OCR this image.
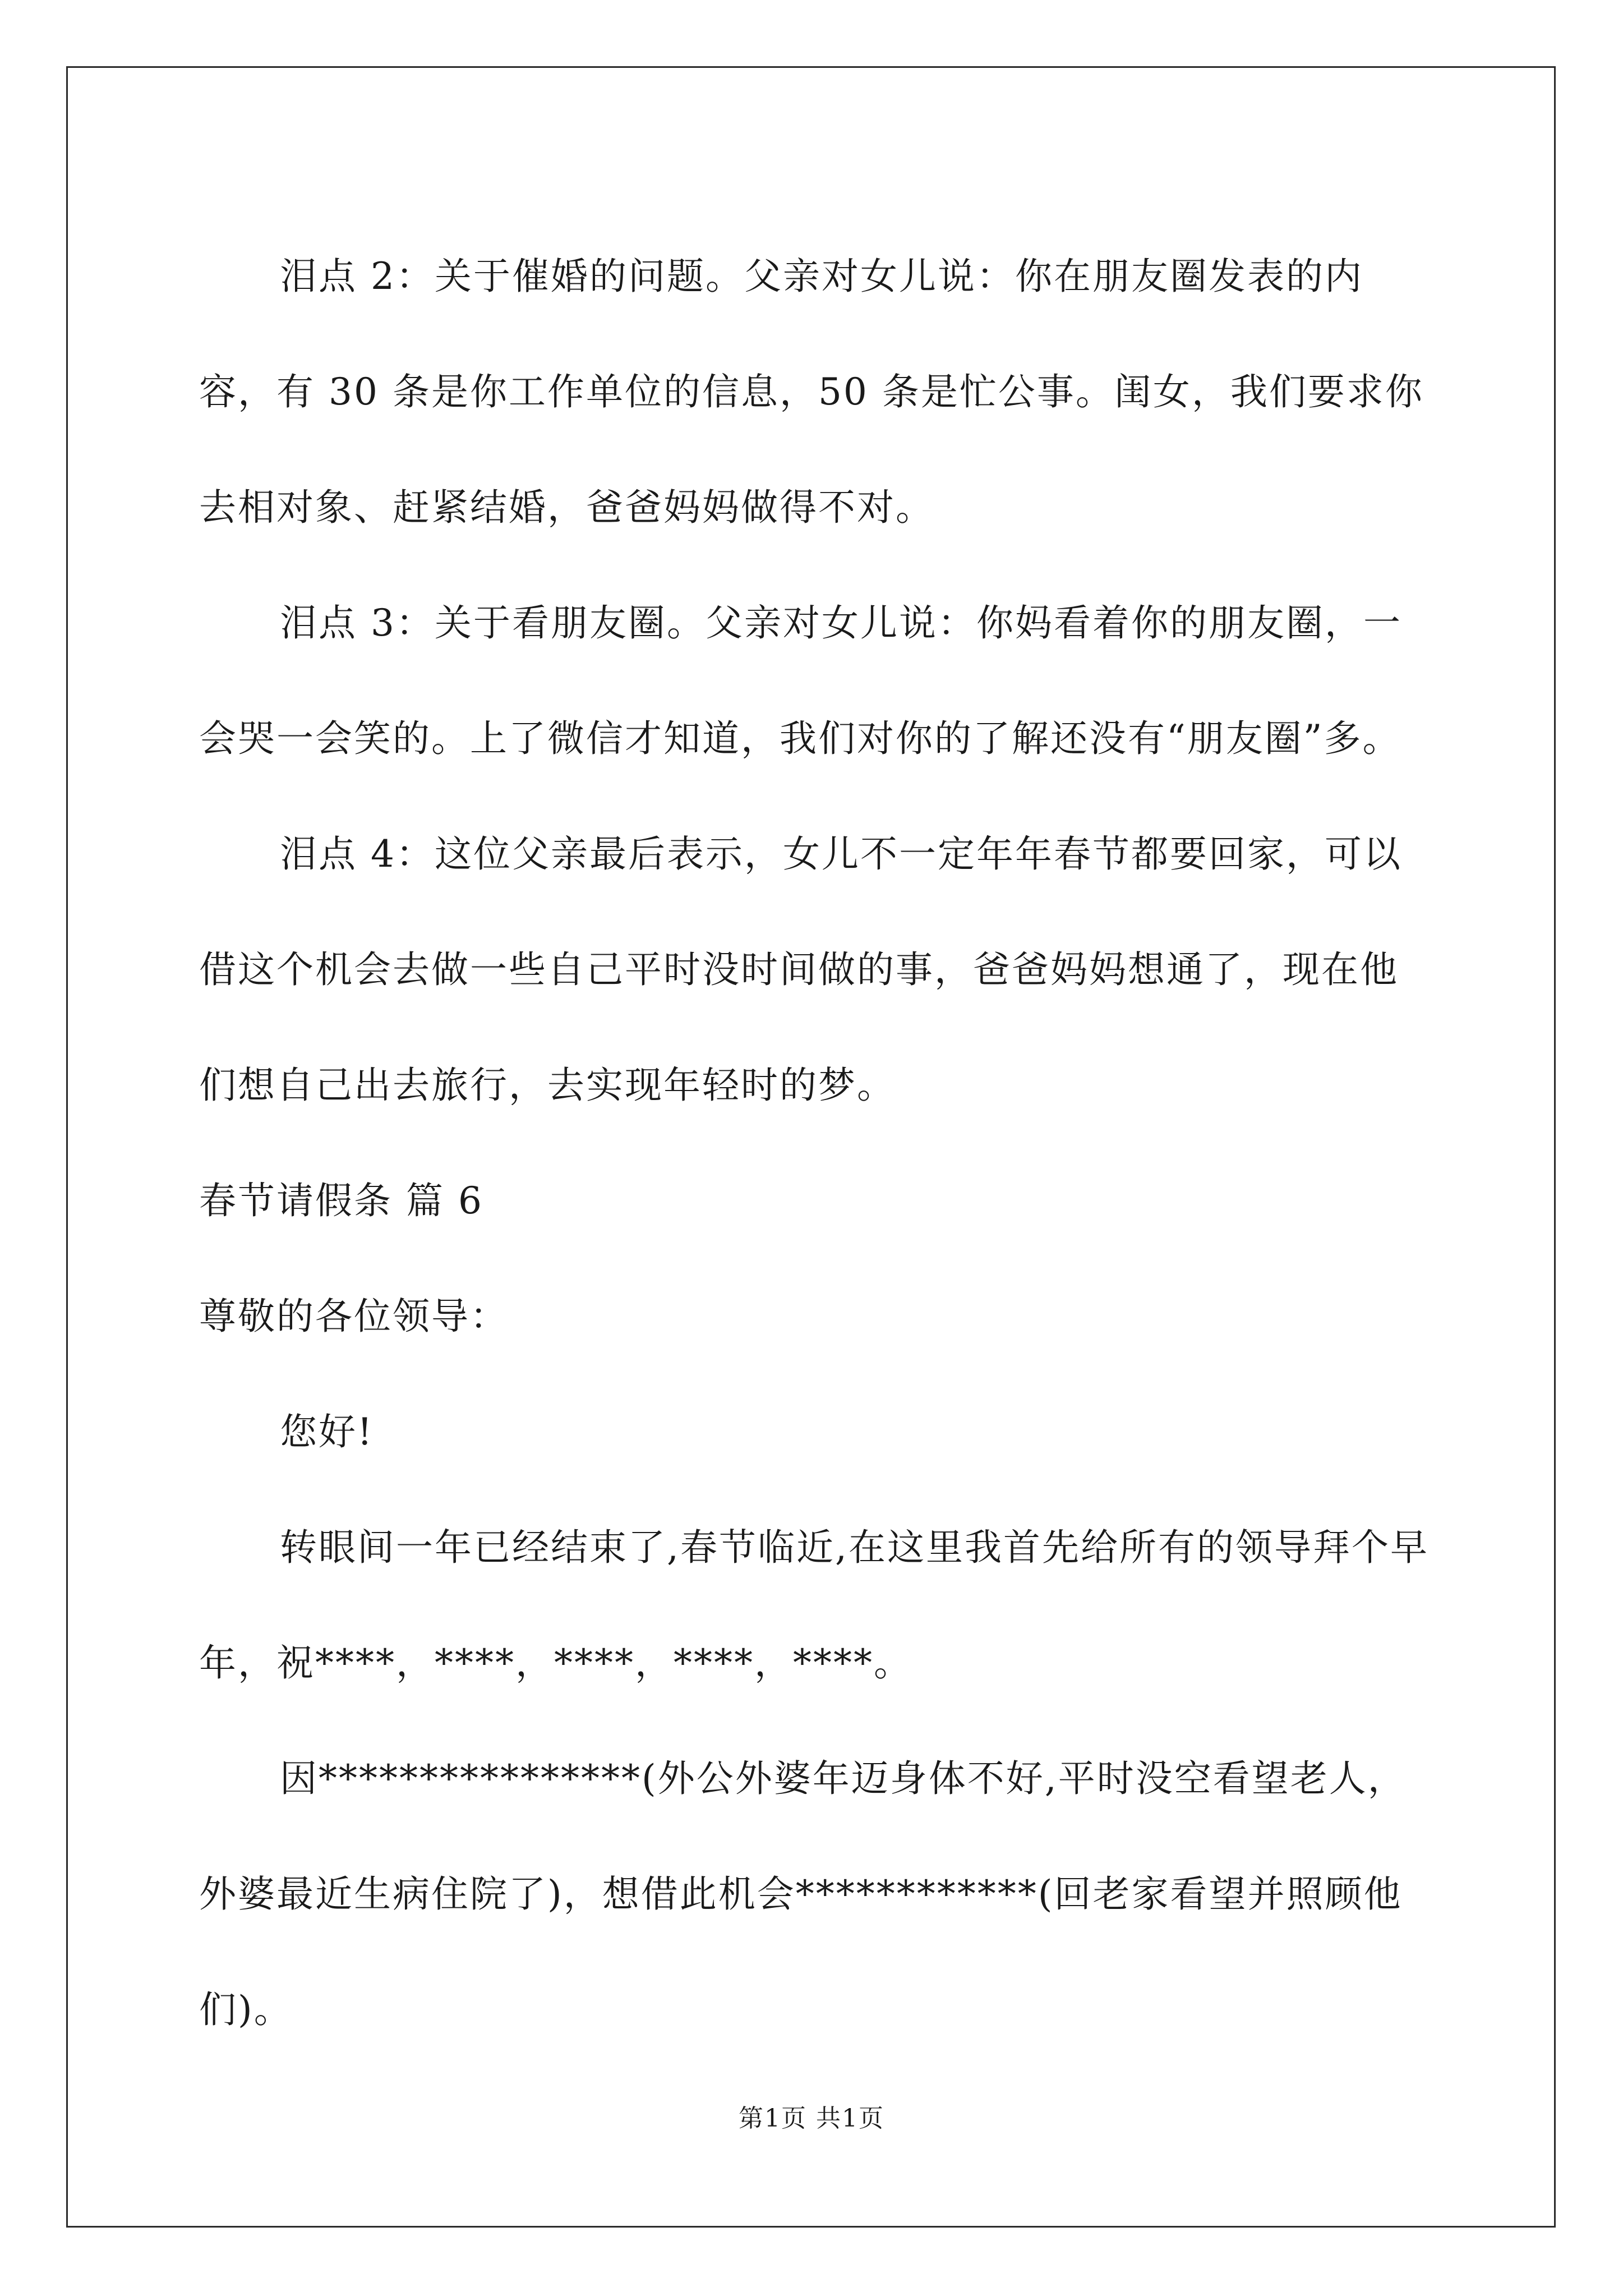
泪点 2：关于催婚的问题。父亲对女儿说：你在朋友圈发表的内容，有 30 条是你工作单位的信息，50 条是忙公事。闺女，我们要求你去相对象、赶紧结婚，爸爸妈妈做得不对。

泪点 3：关于看朋友圈。父亲对女儿说：你妈看着你的朋友圈，一会哭一会笑的。上了微信才知道，我们对你的了解还没有“朋友圈”多。

泪点 4：这位父亲最后表示，女儿不一定年年春节都要回家，可以借这个机会去做一些自己平时没时间做的事，爸爸妈妈想通了，现在他们想自己出去旅行，去实现年轻时的梦。

春节请假条 篇 6

尊敬的各位领导：

您好!

转眼间一年已经结束了,春节临近,在这里我首先给所有的领导拜个早年，祝****，****，****，****，****。

因****************(外公外婆年迈身体不好,平时没空看望老人，外婆最近生病住院了)，想借此机会************(回老家看望并照顾他们)。

第1页 共1页
